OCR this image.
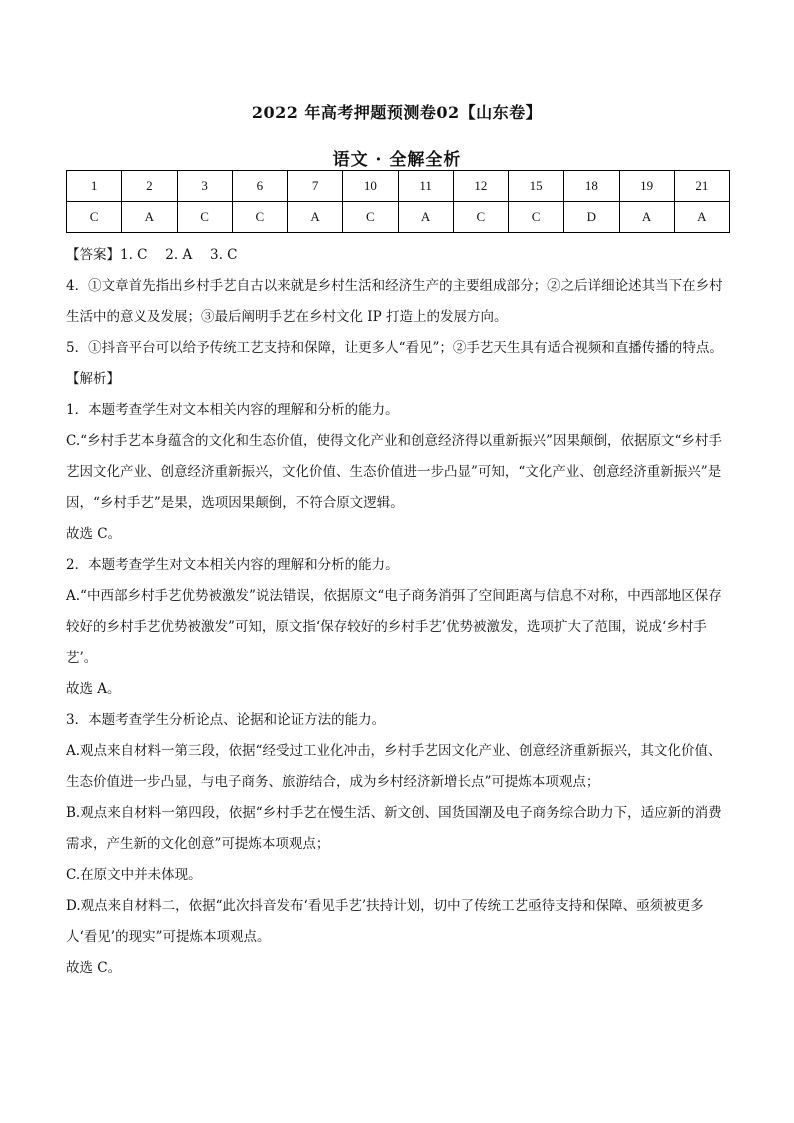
2022 年高考押题预测卷02【山东卷】
语文 · 全解全析
1	2	3	6	7	10	11	12	15	18	19	21
C	A	C	C	A	C	A	C	C	D	A	A

【答案】1. C　 2. A　 3. C

4．①文章首先指出乡村手艺自古以来就是乡村生活和经济生产的主要组成部分；②之后详细论述其当下在乡村生活中的意义及发展；③最后阐明手艺在乡村文化 IP 打造上的发展方向。

5．①抖音平台可以给予传统工艺支持和保障，让更多人“看见”；②手艺天生具有适合视频和直播传播的特点。

【解析】

1．本题考查学生对文本相关内容的理解和分析的能力。

C.“乡村手艺本身蕴含的文化和生态价值，使得文化产业和创意经济得以重新振兴”因果颠倒，依据原文“乡村手艺因文化产业、创意经济重新振兴，文化价值、生态价值进一步凸显”可知，“文化产业、创意经济重新振兴”是因，“乡村手艺”是果，选项因果颠倒，不符合原文逻辑。

故选 C。

2．本题考查学生对文本相关内容的理解和分析的能力。

A.“中西部乡村手艺优势被激发”说法错误，依据原文“电子商务消弭了空间距离与信息不对称，中西部地区保存较好的乡村手艺优势被激发”可知，原文指‘保存较好的乡村手艺’优势被激发，选项扩大了范围，说成‘乡村手艺’。

故选 A。

3．本题考查学生分析论点、论据和论证方法的能力。

A.观点来自材料一第三段，依据“经受过工业化冲击，乡村手艺因文化产业、创意经济重新振兴，其文化价值、生态价值进一步凸显，与电子商务、旅游结合，成为乡村经济新增长点”可提炼本项观点；

B.观点来自材料一第四段，依据“乡村手艺在慢生活、新文创、国货国潮及电子商务综合助力下，适应新的消费需求，产生新的文化创意”可提炼本项观点；

C.在原文中并未体现。

D.观点来自材料二，依据“此次抖音发布‘看见手艺’扶持计划，切中了传统工艺亟待支持和保障、亟须被更多人‘看见’的现实”可提炼本项观点。

故选 C。
